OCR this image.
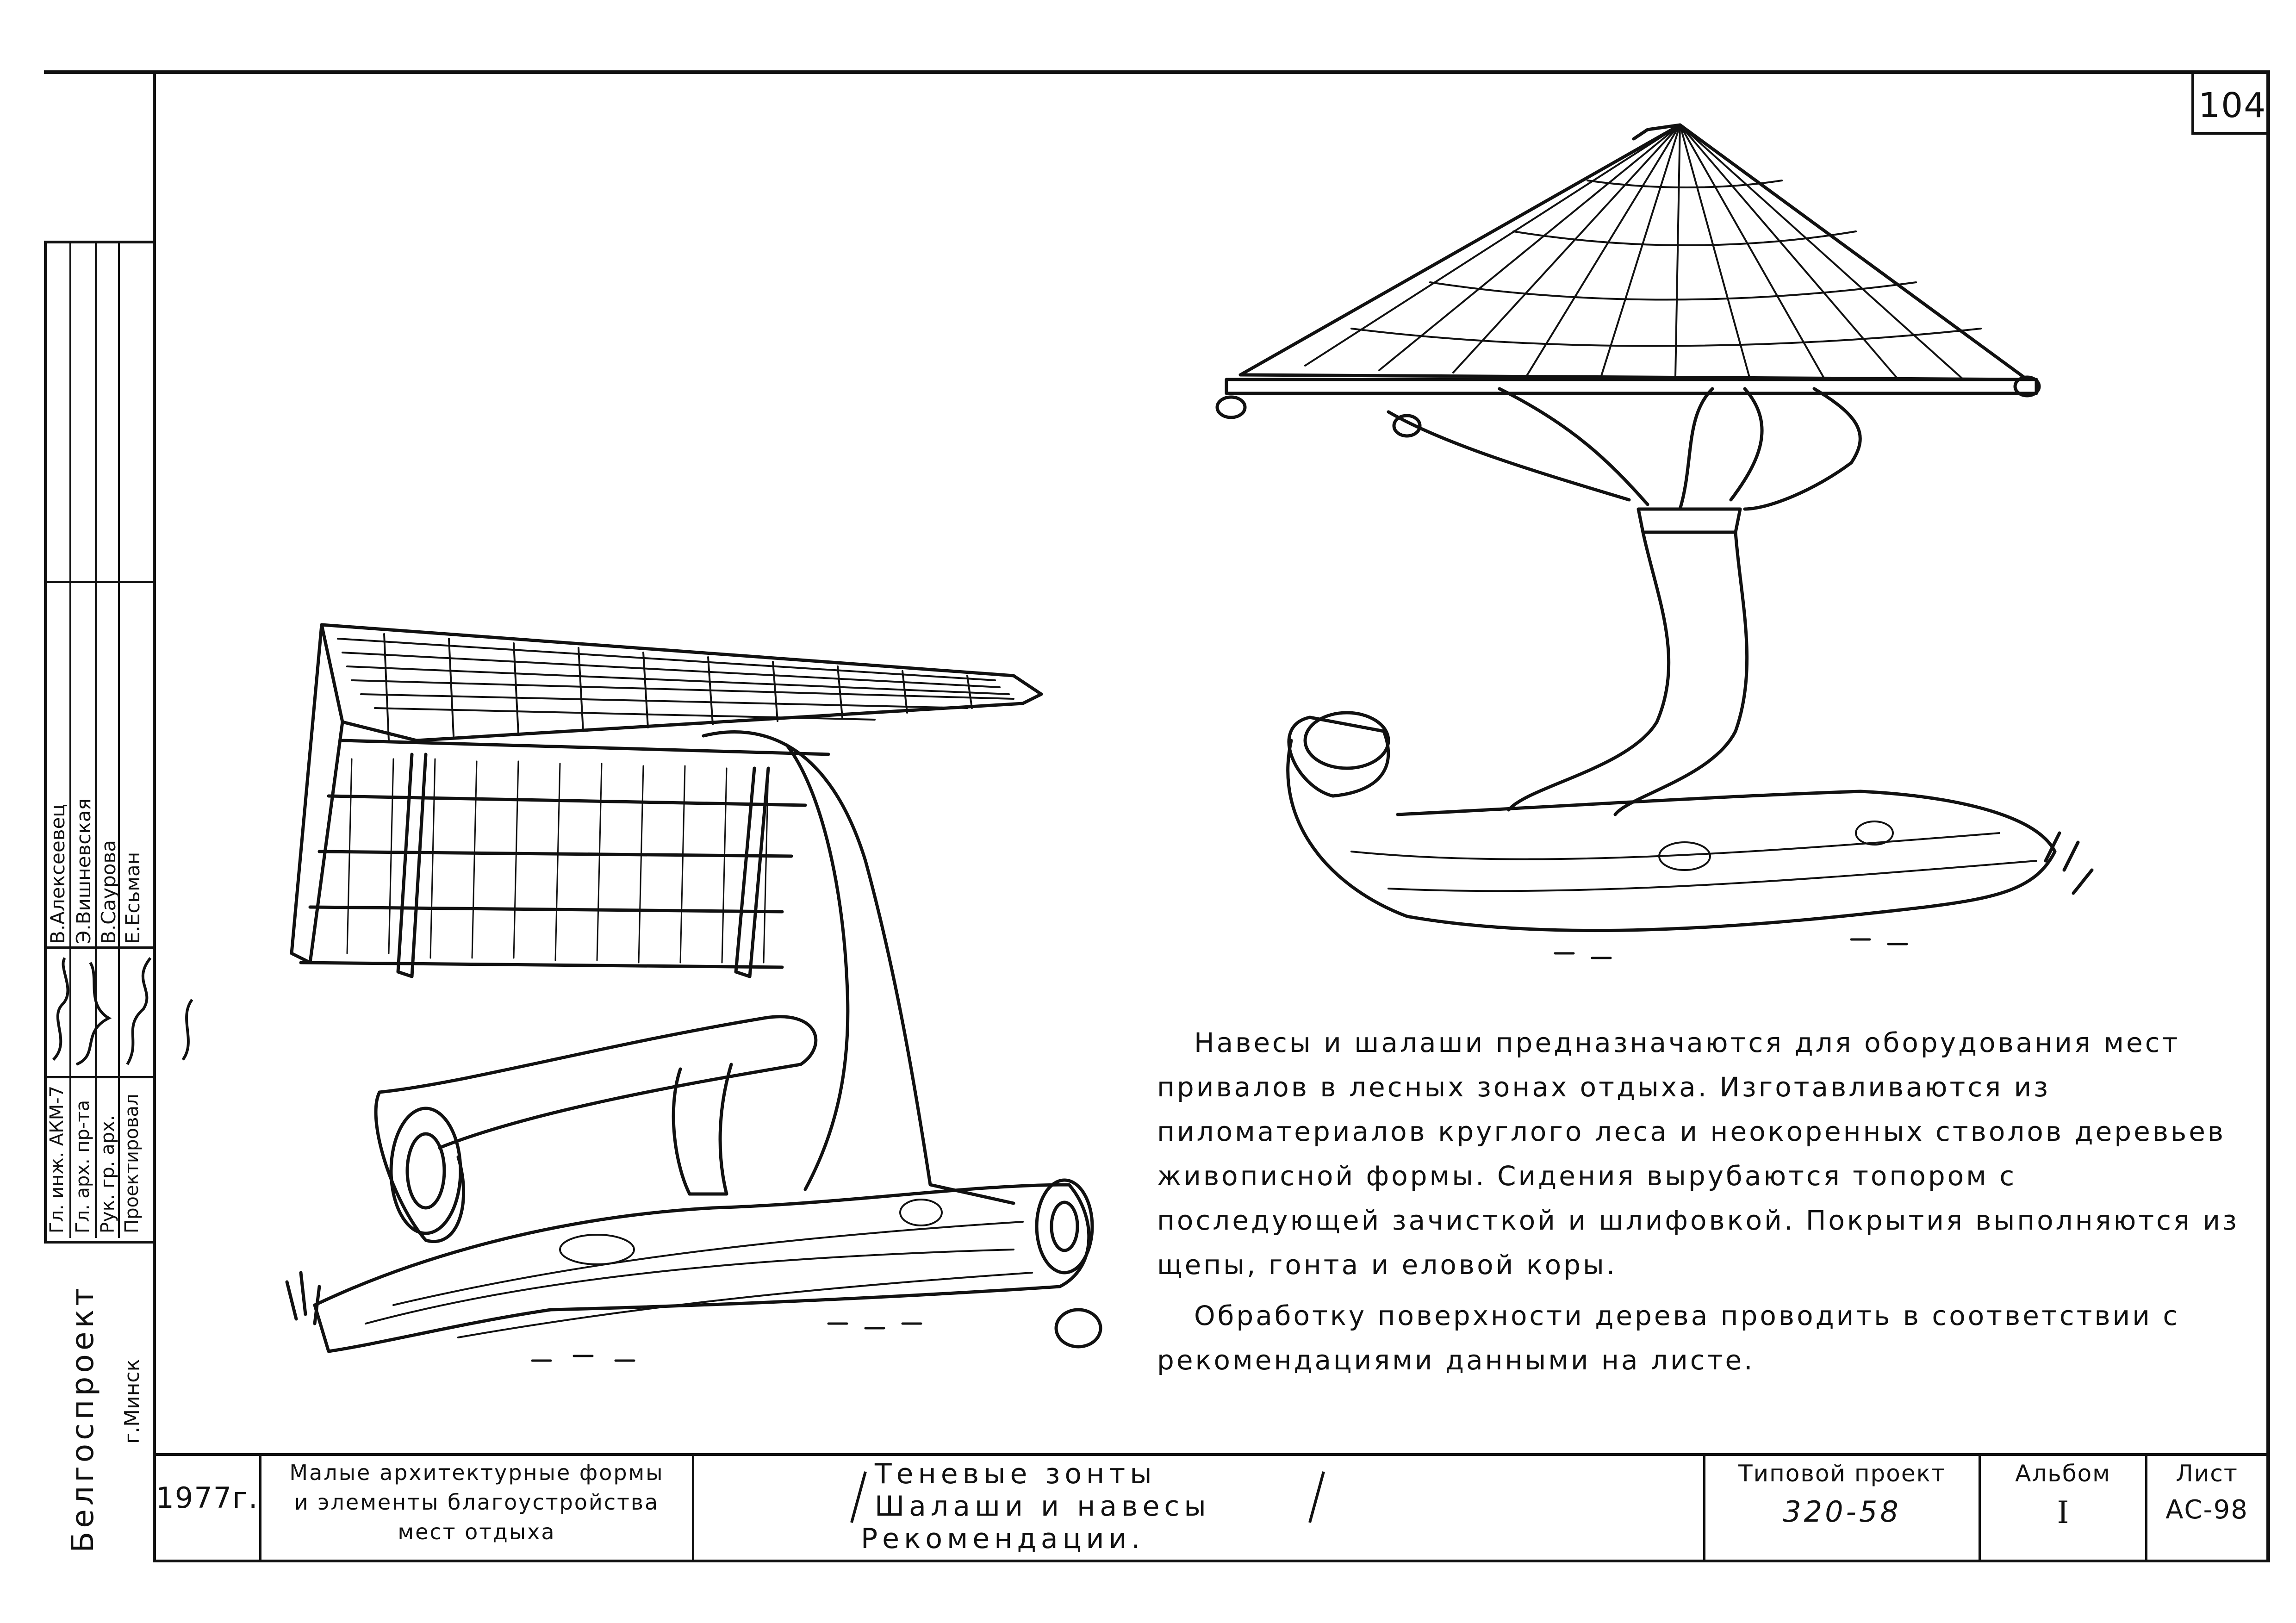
104
Гл. инж. АКМ-7 Гл. арх. пр-та Рук. гр. арх. Проектировал
В.Алексеевец Э.Вишневская В.Саурова Е.Есьман
Белгоспроект г.Минск

Навесы и шалаши предназначаются для оборудования мест привалов в лесных зонах отдыха. Изготавливаются из пиломатериалов круглого леса и неокоренных стволов деревьев живописной формы. Сидения вырубаются топором с последующей зачисткой и шлифовкой. Покрытия выполняются из щепы, гонта и еловой коры.

Обработку поверхности дерева проводить в соответствии с рекомендациями данными на листе.

1977г.
Малые архитектурные формы
и элементы благоустройства
мест отдыха
Теневые зонты
Шалаши и навесы
Рекомендации.
Типовой проект
320-58
Альбом
I
Лист
АС-98
